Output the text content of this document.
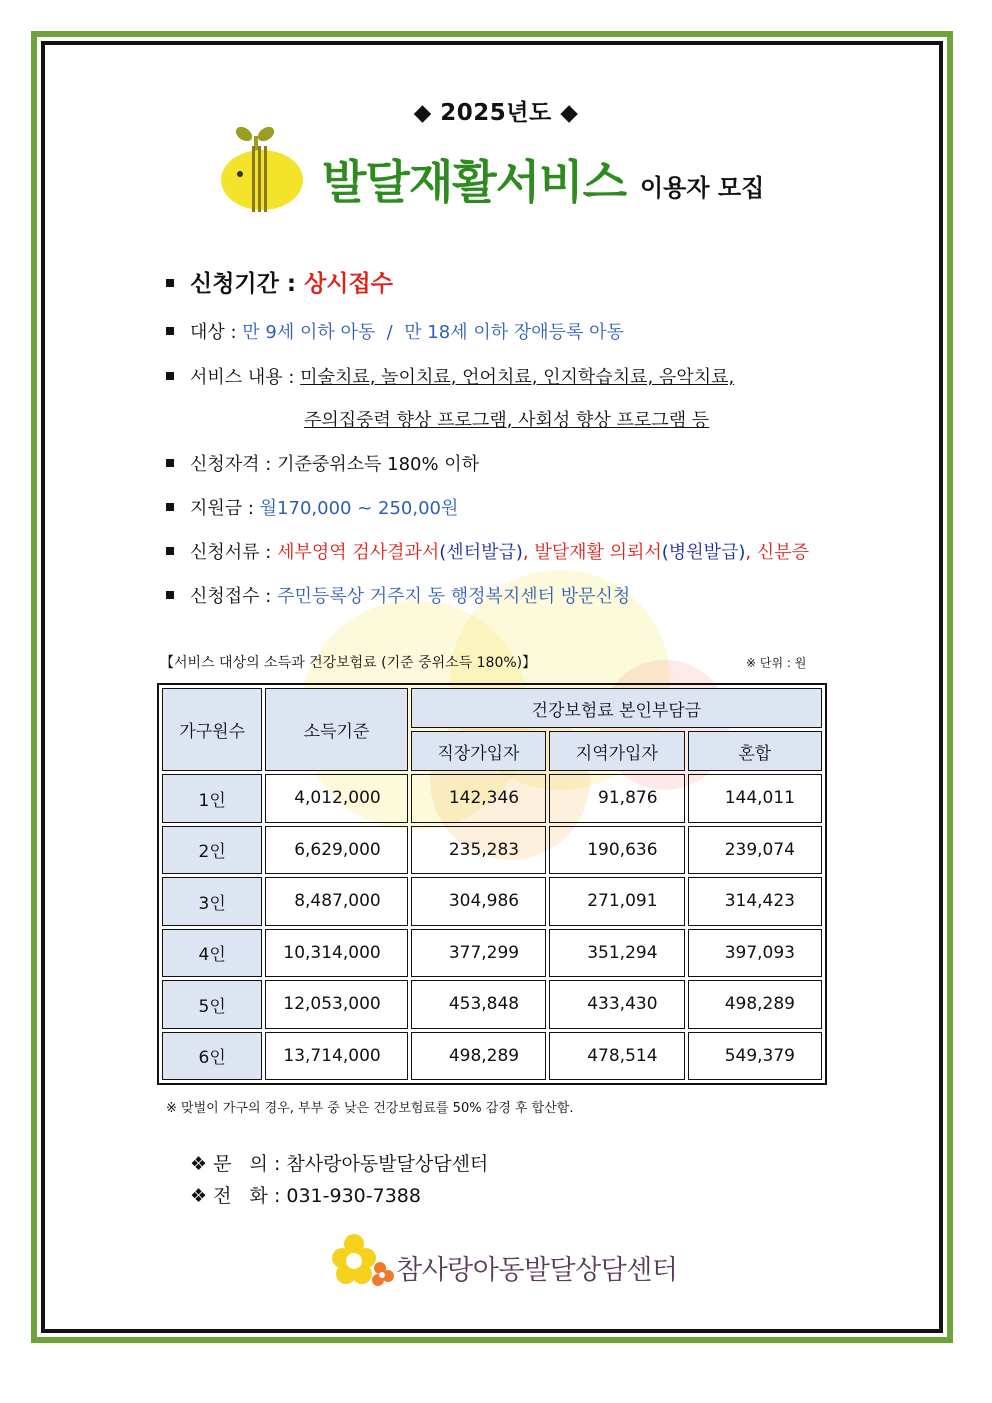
◆ 2025년도 ◆
발달재활서비스 이용자 모집
신청기간 : 상시접수
대상 : 만 9세 이하 아동  /  만 18세 이하 장애등록 아동
서비스 내용 : 미술치료, 놀이치료, 언어치료, 인지학습치료, 음악치료,
주의집중력 향상 프로그램, 사회성 향상 프로그램 등
신청자격 : 기준중위소득 180% 이하
지원금 : 월170,000 ~ 250,00원
신청서류 : 세부영역 검사결과서(센터발급), 발달재활 의뢰서(병원발급), 신분증
신청접수 : 주민등록상 거주지 동 행정복지센터 방문신청
【서비스 대상의 소득과 건강보험료 (기준 중위소득 180%)】	※ 단위 : 원
가구원수	소득기준	건강보험료 본인부담금		
		직장가입자	지역가입자	혼합
1인	4,012,000	142,346	91,876	144,011
2인	6,629,000	235,283	190,636	239,074
3인	8,487,000	304,986	271,091	314,423
4인	10,314,000	377,299	351,294	397,093
5인	12,053,000	453,848	433,430	498,289
6인	13,714,000	498,289	478,514	549,379
※ 맞벌이 가구의 경우, 부부 중 낮은 건강보험료를 50% 감경 후 합산함.
❖ 문   의 : 참사랑아동발달상담센터
❖ 전   화 : 031-930-7388
참사랑아동발달상담센터
